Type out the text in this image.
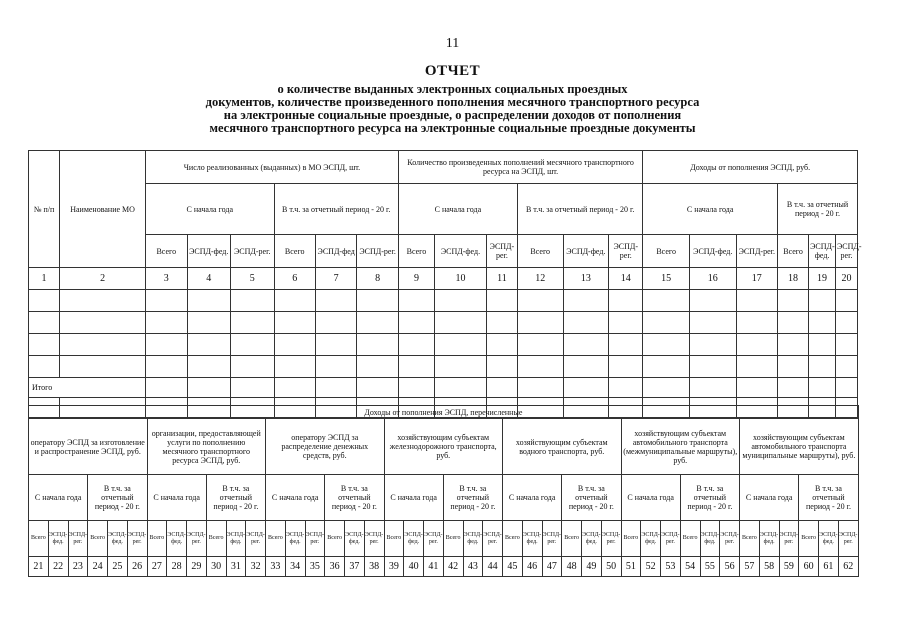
11
ОТЧЕТ
о количестве выданных электронных социальных проездных
документов, количестве произведенного пополнения месячного транспортного ресурса
на электронные социальные проездные, о распределении доходов от пополнения
месячного транспортного ресурса на электронные социальные проездные документы
№ п/п	Наименование МО	Число реализованных (выданных) в МО ЭСПД, шт.						Количество произведенных пополнений месячного транспортного ресурса на ЭСПД, шт.						Доходы от пополнения ЭСПД, руб.					
		С начала года			В т.ч. за отчетный период - 20 г.			С начала года			В т.ч. за отчетный период - 20 г.			С начала года			В т.ч. за отчетный период - 20 г.		
		Всего	ЭСПД-фед.	ЭСПД-рег.	Всего	ЭСПД-фед	ЭСПД-рег.	Всего	ЭСПД-фед.	ЭСПД-рег.	Всего	ЭСПД-фед.	ЭСПД-рег.	Всего	ЭСПД-фед.	ЭСПД-рег.	Всего	ЭСПД-фед.	ЭСПД-рег.
1	2	3	4	5	6	7	8	9	10	11	12	13	14	15	16	17	18	19	20

Итого																			

Доходы от пополнения ЭСПД, перечисленные																																									
оператору ЭСПД за изготовление и распространение ЭСПД, руб.						организации, предоставляющей услуги по пополнению месячного транспортного ресурса ЭСПД, руб.						оператору ЭСПД за распределение денежных средств, руб.						хозяйствующим субъектам железнодорожного транспорта, руб.						хозяйствующим субъектам водного транспорта, руб.						хозяйствующим субъектам автомобильного транспорта (межмуниципальные маршруты), руб.						хозяйствующим субъектам автомобильного транспорта муниципальные маршруты), руб.					
С начала года			В т.ч. за отчетный период - 20 г.			С начала года			В т.ч. за отчетный период - 20 г.			С начала года			В т.ч. за отчетный период - 20 г.			С начала года			В т.ч. за отчетный период - 20 г.			С начала года			В т.ч. за отчетный период - 20 г.			С начала года			В т.ч. за отчетный период - 20 г.			С начала года			В т.ч. за отчетный период - 20 г.		
Всего	ЭСПД-фед.	ЭСПД-рег.	Всего	ЭСПД-фед.	ЭСПД-рег.	Всего	ЭСПД-фед.	ЭСПД-рег.	Всего	ЭСПД-фед.	ЭСПД-рег.	Всего	ЭСПД-фед.	ЭСПД-рег.	Всего	ЭСПД-фед.	ЭСПД-рег.	Всего	ЭСПД-фед.	ЭСПД-рег.	Всего	ЭСПД-фед.	ЭСПД-рег.	Всего	ЭСПД-фед.	ЭСПД-рег.	Всего	ЭСПД-фед.	ЭСПД-рег.	Всего	ЭСПД-фед.	ЭСПД-рег.	Всего	ЭСПД-фед.	ЭСПД-рег.	Всего	ЭСПД-фед.	ЭСПД-рег.	Всего	ЭСПД-фед.	ЭСПД-рег.
21	22	23	24	25	26	27	28	29	30	31	32	33	34	35	36	37	38	39	40	41	42	43	44	45	46	47	48	49	50	51	52	53	54	55	56	57	58	59	60	61	62
